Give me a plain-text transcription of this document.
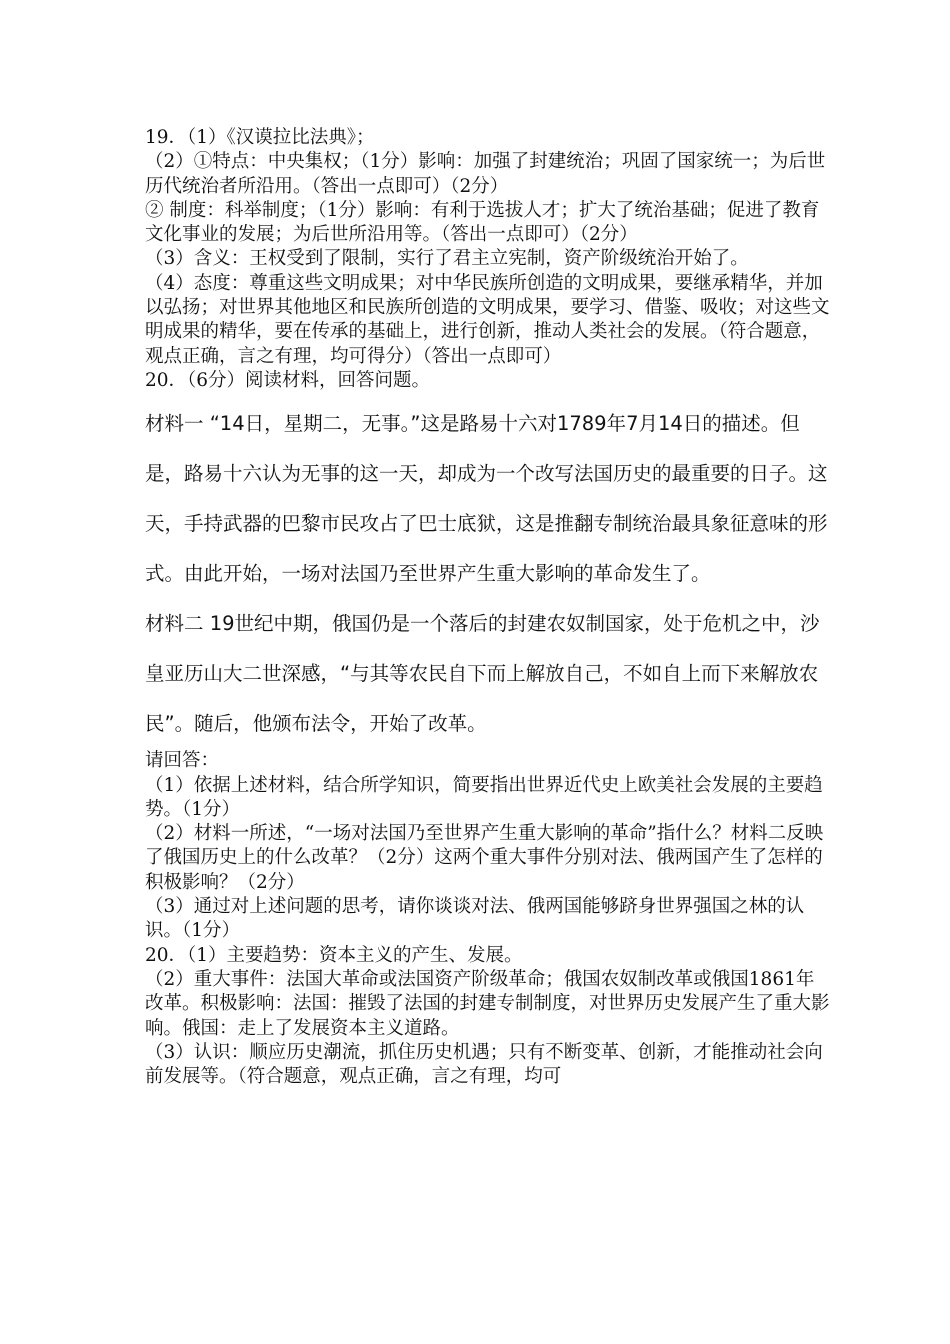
19．（1）《汉谟拉比法典》；

（2）①特点：中央集权；（1分）影响：加强了封建统治；巩固了国家统一；为后世历代统治者所沿用。（答出一点即可）（2分）

② 制度：科举制度；（1分）影响：有利于选拔人才；扩大了统治基础；促进了教育文化事业的发展；为后世所沿用等。（答出一点即可）（2分）

（3）含义：王权受到了限制，实行了君主立宪制，资产阶级统治开始了。

（4）态度：尊重这些文明成果；对中华民族所创造的文明成果，要继承精华，并加以弘扬；对世界其他地区和民族所创造的文明成果，要学习、借鉴、吸收；对这些文明成果的精华，要在传承的基础上，进行创新，推动人类社会的发展。（符合题意，观点正确，言之有理，均可得分）（答出一点即可）

20．（6分）阅读材料，回答问题。

材料一 “14日，星期二，无事。”这是路易十六对1789年7月14日的描述。但是，路易十六认为无事的这一天，却成为一个改写法国历史的最重要的日子。这天，手持武器的巴黎市民攻占了巴士底狱，这是推翻专制统治最具象征意味的形式。由此开始，一场对法国乃至世界产生重大影响的革命发生了。

材料二 19世纪中期，俄国仍是一个落后的封建农奴制国家，处于危机之中，沙皇亚历山大二世深感，“与其等农民自下而上解放自己，不如自上而下来解放农民”。随后，他颁布法令，开始了改革。

请回答：

（1）依据上述材料，结合所学知识，简要指出世界近代史上欧美社会发展的主要趋势。（1分）

（2）材料一所述，“一场对法国乃至世界产生重大影响的革命”指什么？材料二反映了俄国历史上的什么改革？（2分）这两个重大事件分别对法、俄两国产生了怎样的积极影响？（2分）

（3）通过对上述问题的思考，请你谈谈对法、俄两国能够跻身世界强国之林的认识。（1分）

20．（1）主要趋势：资本主义的产生、发展。

（2）重大事件：法国大革命或法国资产阶级革命；俄国农奴制改革或俄国1861年改革。积极影响：法国：摧毁了法国的封建专制制度，对世界历史发展产生了重大影响。俄国：走上了发展资本主义道路。

（3）认识：顺应历史潮流，抓住历史机遇；只有不断变革、创新，才能推动社会向前发展等。（符合题意，观点正确，言之有理，均可
